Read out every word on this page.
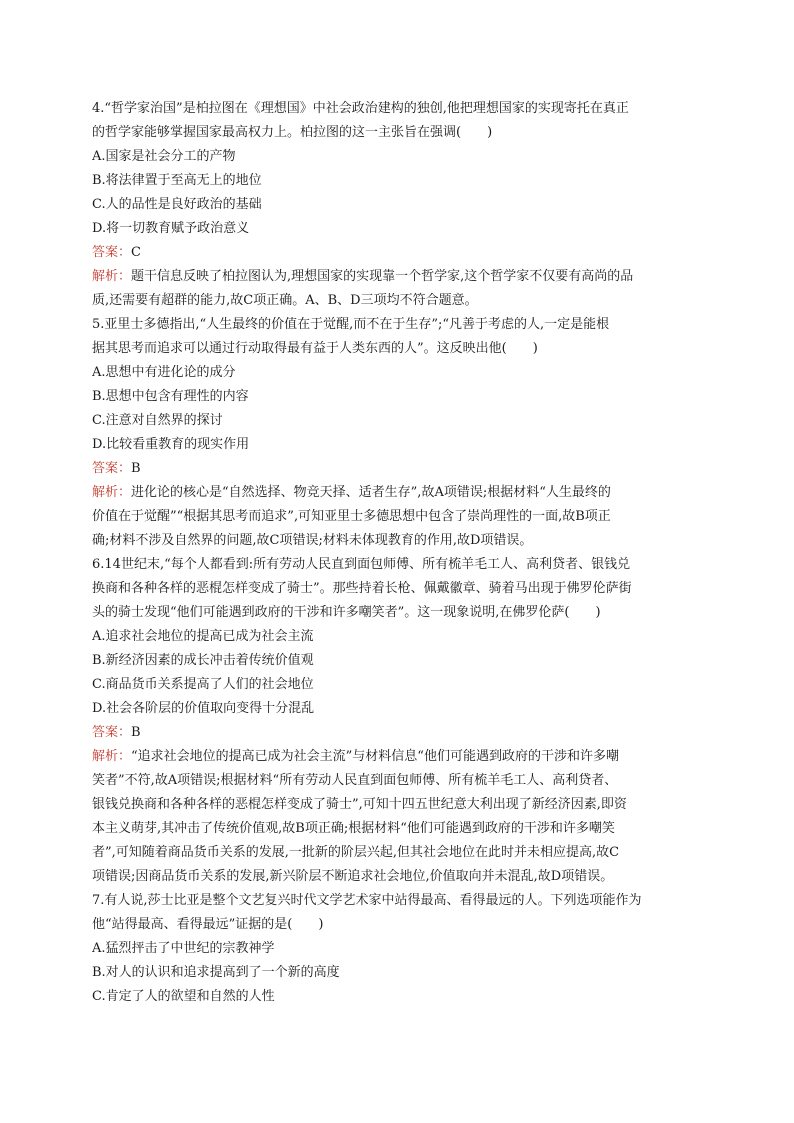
4.“哲学家治国”是柏拉图在《理想国》中社会政治建构的独创,他把理想国家的实现寄托在真正

的哲学家能够掌握国家最高权力上。柏拉图的这一主张旨在强调(　　)

A.国家是社会分工的产物

B.将法律置于至高无上的地位

C.人的品性是良好政治的基础

D.将一切教育赋予政治意义

答案：C

解析：题干信息反映了柏拉图认为,理想国家的实现靠一个哲学家,这个哲学家不仅要有高尚的品

质,还需要有超群的能力,故C项正确。A、B、D三项均不符合题意。

5.亚里士多德指出,“人生最终的价值在于觉醒,而不在于生存”;“凡善于考虑的人,一定是能根

据其思考而追求可以通过行动取得最有益于人类东西的人”。这反映出他(　　)

A.思想中有进化论的成分

B.思想中包含有理性的内容

C.注意对自然界的探讨

D.比较看重教育的现实作用

答案：B

解析：进化论的核心是“自然选择、物竞天择、适者生存”,故A项错误;根据材料“人生最终的

价值在于觉醒”“根据其思考而追求”,可知亚里士多德思想中包含了崇尚理性的一面,故B项正

确;材料不涉及自然界的问题,故C项错误;材料未体现教育的作用,故D项错误。

6.14世纪末,“每个人都看到:所有劳动人民直到面包师傅、所有梳羊毛工人、高利贷者、银钱兑

换商和各种各样的恶棍怎样变成了骑士”。那些持着长枪、佩戴徽章、骑着马出现于佛罗伦萨街

头的骑士发现“他们可能遇到政府的干涉和许多嘲笑者”。这一现象说明,在佛罗伦萨(　　)

A.追求社会地位的提高已成为社会主流

B.新经济因素的成长冲击着传统价值观

C.商品货币关系提高了人们的社会地位

D.社会各阶层的价值取向变得十分混乱

答案：B

解析：“追求社会地位的提高已成为社会主流”与材料信息“他们可能遇到政府的干涉和许多嘲

笑者”不符,故A项错误;根据材料“所有劳动人民直到面包师傅、所有梳羊毛工人、高利贷者、

银钱兑换商和各种各样的恶棍怎样变成了骑士”,可知十四五世纪意大利出现了新经济因素,即资

本主义萌芽,其冲击了传统价值观,故B项正确;根据材料“他们可能遇到政府的干涉和许多嘲笑

者”,可知随着商品货币关系的发展,一批新的阶层兴起,但其社会地位在此时并未相应提高,故C

项错误;因商品货币关系的发展,新兴阶层不断追求社会地位,价值取向并未混乱,故D项错误。

7.有人说,莎士比亚是整个文艺复兴时代文学艺术家中站得最高、看得最远的人。下列选项能作为

他“站得最高、看得最远”证据的是(　　)

A.猛烈抨击了中世纪的宗教神学

B.对人的认识和追求提高到了一个新的高度

C.肯定了人的欲望和自然的人性
